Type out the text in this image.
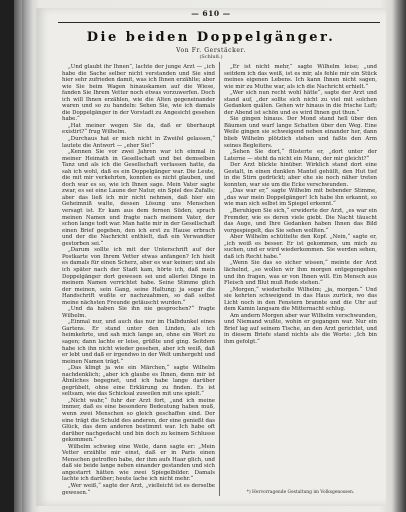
— 610 —
Die beiden Doppelgänger.
Von Fr. Gerstäcker.
(Schluß.)

„Und glaubt ihr Ihnen“, lachte der junge Arzt — „ich habe die Sache selber nicht verstanden und Sie sind hier sehr zufrieden damit, was ich Ihnen erzählte; aber wie Sie beim Wagen hinauskamen auf die Wiese, fanden Sie Ihrem Vetter noch etwas vorzuwerfen. Doch ich will Ihnen erzählen, wie die Alten gegeneinander waren und so zu handeln: Sehen Sie, wie ich damals die Doppelgänger in der Vorstadt zu Angesicht gesehen habe.“

„Hat meiner wegen Sie da, daß er überhaupt existirt?“ frug Wilhelm.

„Durchaus hat er mich nicht in Zweifel gelassen,“ lautete die Antwort — „eher Sie!“

„Kennen Sie vor zwei Jahren war ich einmal in meiner Heimath in Gesellschaft und bei demselben Tanz und als ich die Gesellschaft verlassen hatte, da sah ich wohl, daß es ein Doppelgänger war. Die Leute, die mit mir verkehrten, konnten es nicht glauben, und doch war es so, wie ich Ihnen sage. Mein Vater sagte zwar, es sei eine Laune der Natur, ein Spiel des Zufalls; aber das ließ ich mir nicht nehmen, daß hier ein Geheimniß walte, dessen Lösung uns Menschen versagt ist. Er kam aus dem fernen Süden, sprach meinen Namen und fragte nach meinem Vater, der schon lange todt war. Man hatte mir in der Gesellschaft einen Brief gegeben, den ich erst zu Hause erbrach und der die Nachricht enthielt, daß ein Verwandter gestorben sei.“

„Darum sollte ich mit der Unterschrift auf der Postkarte von Ihrem Vetter etwas anfangen? Ich hielt es damals für einen Scherz, aber es war keiner; und als ich später nach der Stadt kam, hörte ich, daß mein Doppelgänger dort gewesen sei und allerlei Dinge in meinem Namen verrichtet habe. Seine Stimme glich der meinen, sein Gang, seine Haltung; ja sogar die Handschrift wußte er nachzuahmen, so daß selbst meine nächsten Freunde getäuscht wurden.“

„Und da haben Sie ihn nie gesprochen?“ fragte Wilhelm.

„Einmal nur, und auch das nur im Halbdunkel eines Gartens. Er stand unter den Linden, als ich heimkehrte, und sah mich lange an, ohne ein Wort zu sagen; dann lachte er leise, grüßte und ging. Seitdem habe ich ihn nicht wieder gesehen, aber ich weiß, daß er lebt und daß er irgendwo in der Welt umhergeht und meinen Namen trägt.“

„Das klingt ja wie ein Märchen,“ sagte Wilhelm nachdenklich; „aber ich glaube es Ihnen, denn mir ist Ähnliches begegnet, und ich habe lange darüber gegrübelt, ohne eine Erklärung zu finden. Es ist seltsam, wie das Schicksal zuweilen mit uns spielt.“

„Nicht wahr,“ fuhr der Arzt fort, „und ich meine immer, daß es eine besondere Bedeutung haben muß, wenn zwei Menschen so gleich geschaffen sind. Der eine trägt die Schuld des anderen, der eine genießt das Glück, das dem anderen bestimmt war. Ich habe oft darüber nachgedacht und bin doch zu keinem Schlusse gekommen.“

Wilhelm schwieg eine Weile, dann sagte er: „Mein Vetter erzählte mir einst, daß er in Paris einen Menschen getroffen habe, der ihm aufs Haar glich, und daß sie beide lange neben einander gestanden und sich angestarrt hätten wie zwei Spiegelbilder. Damals lachte ich darüber; heute lache ich nicht mehr.“

„Wer weiß,“ sagte der Arzt, „vielleicht ist es derselbe gewesen.“

„Er ist nicht mehr,“ sagte Wilhelm leise; „und seitdem ich das weiß, ist es mir, als fehle mir ein Stück meines eigenen Lebens. Ich kann Ihnen nicht sagen, wie mir zu Muthe war, als ich die Nachricht erhielt.“

„Wer sich nun recht wohl hätte“, sagte der Arzt und stand auf, „der sollte sich nicht zu viel mit solchen Gedanken quälen. Gehen wir hinaus in die frische Luft; der Abend ist schön und es wird Ihnen gut thun.“

Sie gingen hinaus. Der Mond stand hell über den Bäumen und warf lange Schatten über den Weg. Eine Weile gingen sie schweigend neben einander her, dann blieb Wilhelm plötzlich stehen und faßte den Arm seines Begleiters.

„Sehen Sie dort,“ flüsterte er, „dort unter der Laterne — steht da nicht ein Mann, der mir gleicht?“

Der Arzt blickte hinüber. Wirklich stand dort eine Gestalt, in einen dunklen Mantel gehüllt, den Hut tief in die Stirn gedrückt; aber ehe sie noch näher treten konnten, war sie um die Ecke verschwunden.

„Das war er,“ sagte Wilhelm mit bebender Stimme, „das war mein Doppelgänger! Ich habe ihn erkannt, so wie man sich selbst im Spiegel erkennt.“

„Beruhigen Sie sich,“ erwiderte der Arzt, „es war ein Fremder, wie es deren viele giebt. Die Nacht täuscht das Auge, und Ihre Gedanken haben Ihnen das Bild vorgespiegelt, das Sie sehen wollten.“

Aber Wilhelm schüttelte den Kopf. „Nein,“ sagte er, „ich weiß es besser. Er ist gekommen, um mich zu suchen, und er wird wiederkommen. Sie werden sehen, daß ich Recht habe.“

„Wenn Sie das so sicher wissen,“ meinte der Arzt lächelnd, „so wollen wir ihm morgen entgegengehen und ihn fragen, was er von Ihnen will. Ein Mensch aus Fleisch und Blut muß Rede stehen.“

„Morgen,“ wiederholte Wilhelm; „ja, morgen.“ Und sie kehrten schweigend in das Haus zurück, wo das Licht noch in den Fenstern brannte und die Uhr auf dem Kamin langsam die Mitternacht schlug.

Am andern Morgen aber war Wilhelm verschwunden, und Niemand wußte, wohin er gegangen war. Nur ein Brief lag auf seinem Tische, an den Arzt gerichtet, und in diesem Briefe stand nichts als die Worte: „Ich bin ihm gefolgt.“

*) Hervorragende Gestaltung im Volksgenossen.
